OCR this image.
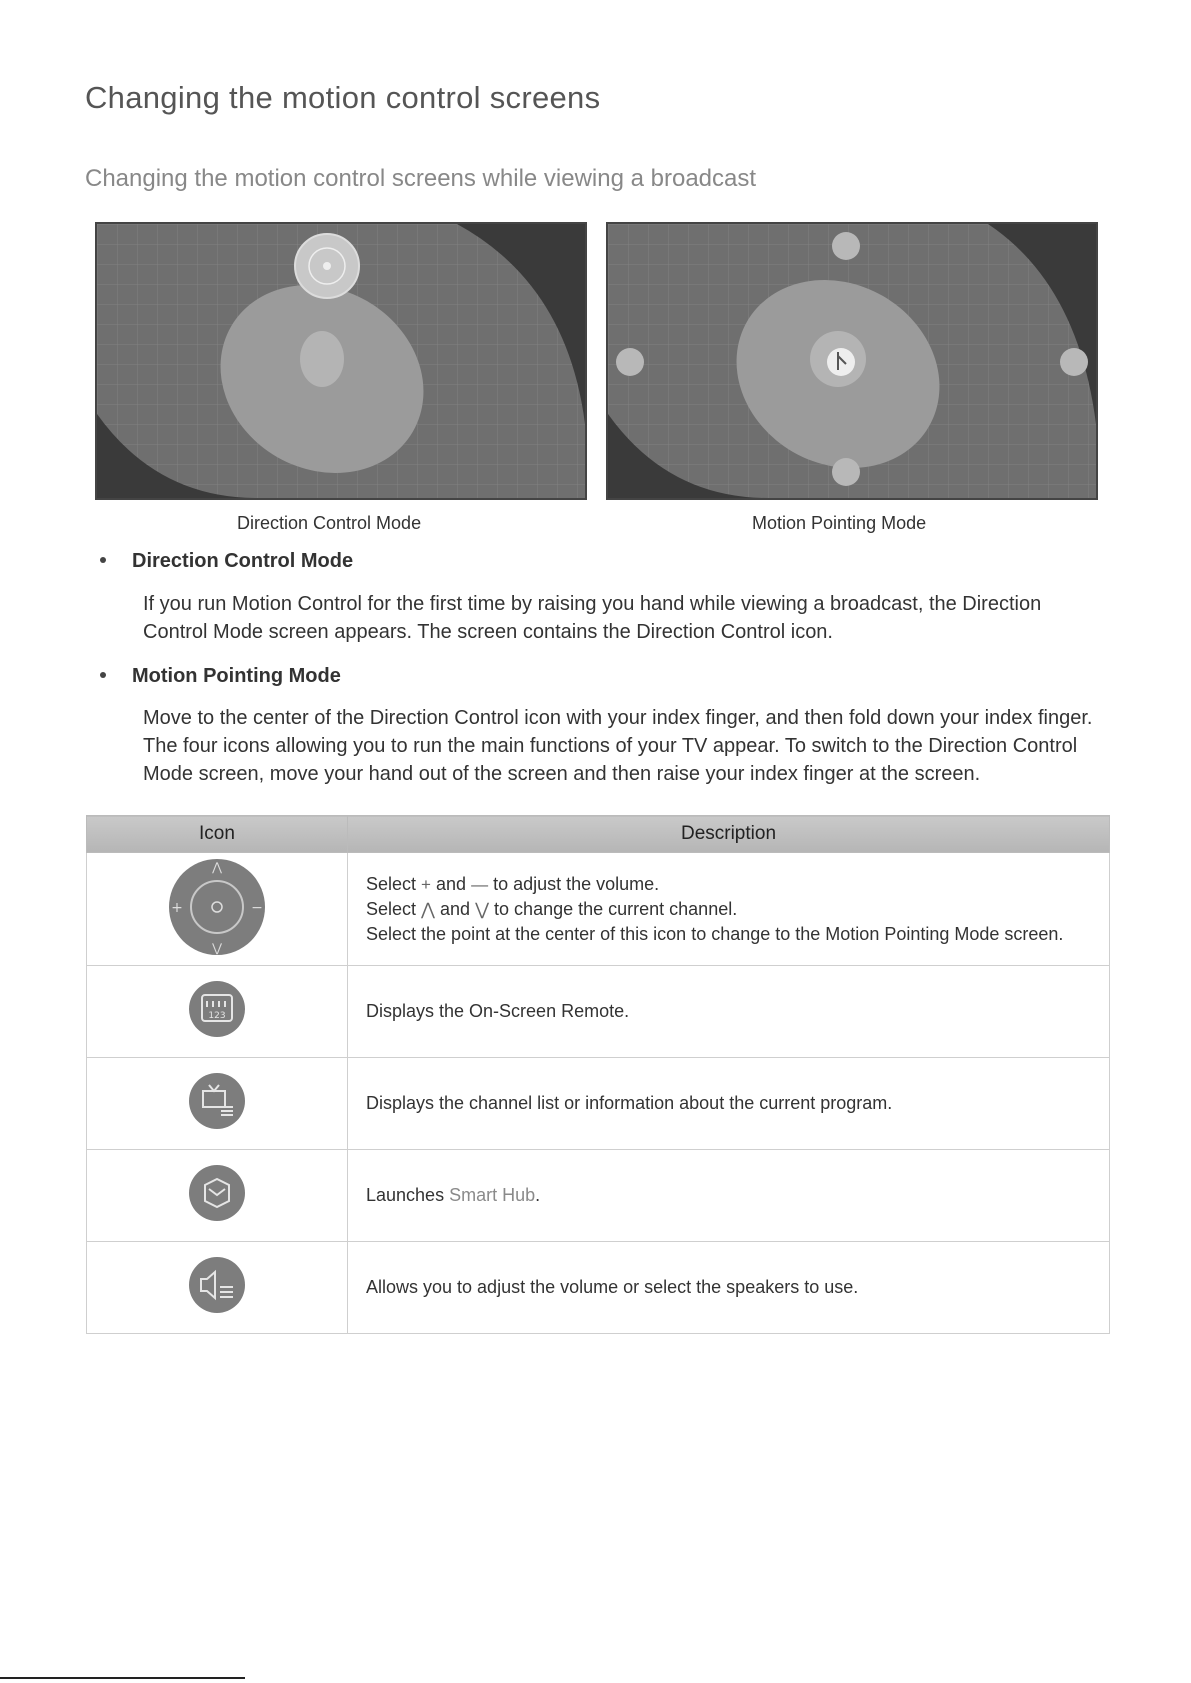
Changing the motion control screens
Changing the motion control screens while viewing a broadcast
Direction Control Mode	Motion Pointing Mode
Direction Control Mode

If you run Motion Control for the first time by raising you hand while viewing a broadcast, the Direction Control Mode screen appears. The screen contains the Direction Control icon.

Motion Pointing Mode

Move to the center of the Direction Control icon with your index finger, and then fold down your index finger. The four icons allowing you to run the main functions of your TV appear. To switch to the Direction Control Mode screen, move your hand out of the screen and then raise your index finger at the screen.

Icon	Description

⋀
⋁
+ −	Select + and — to adjust the volume.
Select ⋀ and ⋁ to change the current channel.
Select the point at the center of this icon to change to the Motion Pointing Mode screen.

123	Displays the On-Screen Remote.
	Displays the channel list or information about the current program.
	Launches Smart Hub.
	Allows you to adjust the volume or select the speakers to use.
